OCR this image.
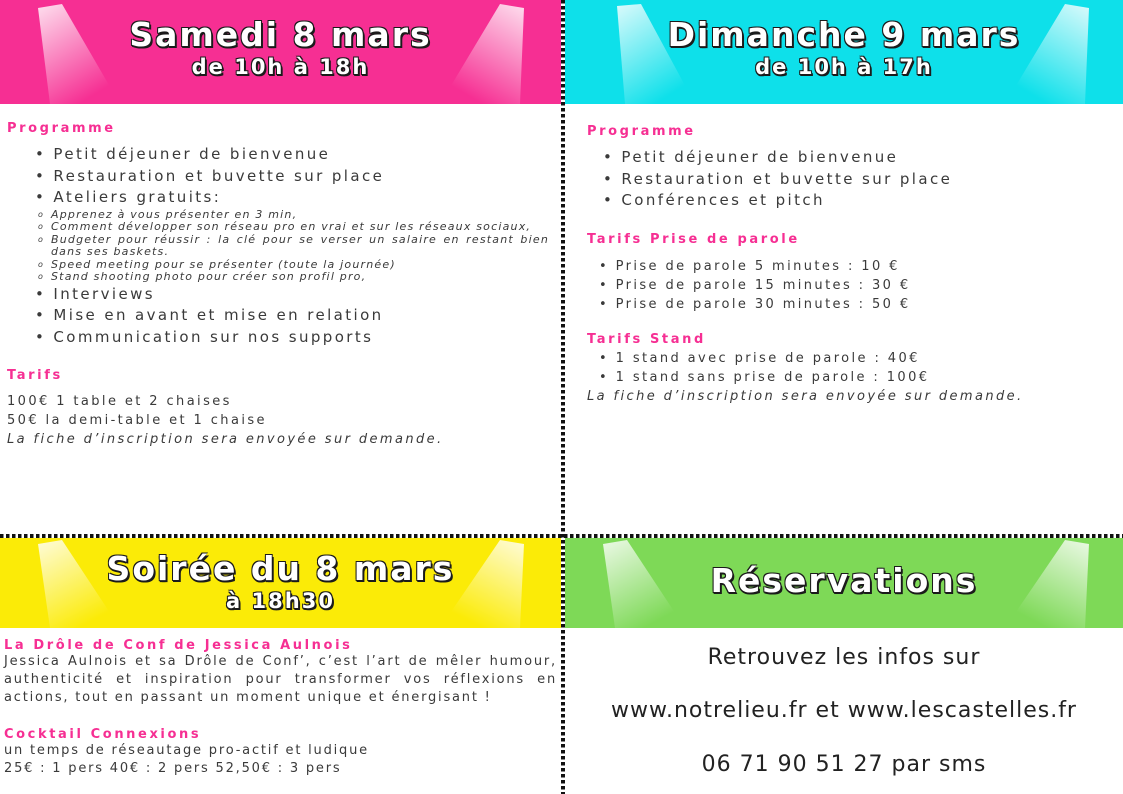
Samedi 8 mars
de 10h à 18h
Programme
• Petit déjeuner de bienvenue
• Restauration et buvette sur place
• Ateliers gratuits:
o Apprenez à vous présenter en 3 min,
o Comment développer son réseau pro en vrai et sur les réseaux sociaux,
o Budgeter pour réussir : la clé pour se verser un salaire en restant bien dans ses baskets.
o Speed meeting pour se présenter (toute la journée)
o Stand shooting photo pour créer son profil pro,
• Interviews
• Mise en avant et mise en relation
• Communication sur nos supports
Tarifs
100€ 1 table et 2 chaises
50€ la demi-table et 1 chaise
La fiche d’inscription sera envoyée sur demande.
Dimanche 9 mars
de 10h à 17h
Programme
• Petit déjeuner de bienvenue
• Restauration et buvette sur place
• Conférences et pitch
Tarifs Prise de parole
• Prise de parole 5 minutes : 10 €
• Prise de parole 15 minutes : 30 €
• Prise de parole 30 minutes : 50 €
Tarifs Stand
• 1 stand avec prise de parole : 40€
• 1 stand sans prise de parole : 100€
La fiche d’inscription sera envoyée sur demande.
Soirée du 8 mars
à 18h30
La Drôle de Conf de Jessica Aulnois
Jessica Aulnois et sa Drôle de Conf’, c’est l’art de mêler humour, authenticité et inspiration pour transformer vos réflexions en actions, tout en passant un moment unique et énergisant !
Cocktail Connexions
un temps de réseautage pro-actif et ludique
25€ : 1 pers 40€ : 2 pers 52,50€ : 3 pers
Réservations
Retrouvez les infos sur
www.notrelieu.fr et www.lescastelles.fr
06 71 90 51 27 par sms
